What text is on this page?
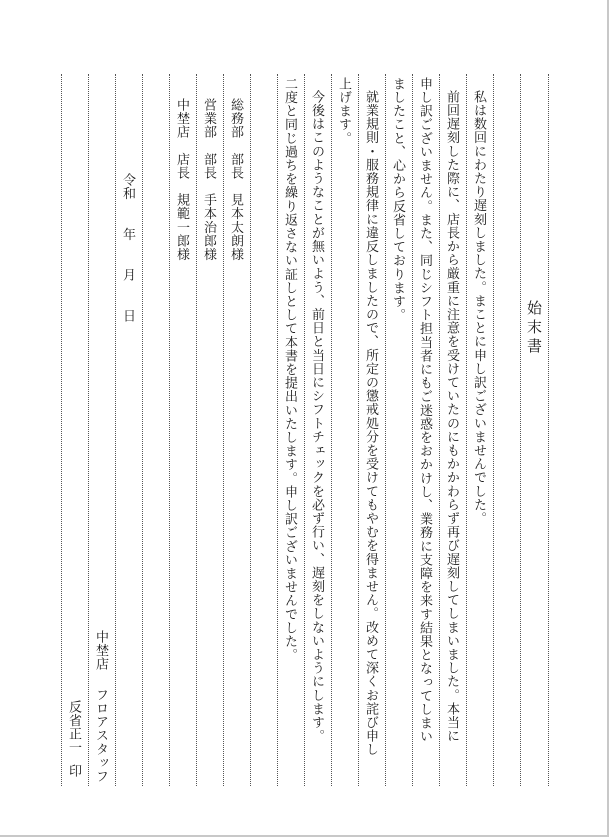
始末書
私は数回にわたり遅刻しました。まことに申し訳ございませんでした。
前回遅刻した際に、店長から厳重に注意を受けていたのにもかかわらず再び遅刻してしまいました。本当に
申し訳ございません。また、同じシフト担当者にもご迷惑をおかけし、業務に支障を来す結果となってしまい
ましたこと、心から反省しております。
就業規則・服務規律に違反しましたので、所定の懲戒処分を受けてもやむを得ません。改めて深くお詫び申し
上げます。
今後はこのようなことが無いよう、前日と当日にシフトチェックを必ず行い、遅刻をしないようにします。
二度と同じ過ちを繰り返さない証しとして本書を提出いたします。申し訳ございませんでした。
総務部　部長　見本太朗様
営業部　部長　手本治郎様
中埜店　店長　規範一郎様
令和　　年　　月　　日
中埜店
フロアスタッフ
反省正一
印
